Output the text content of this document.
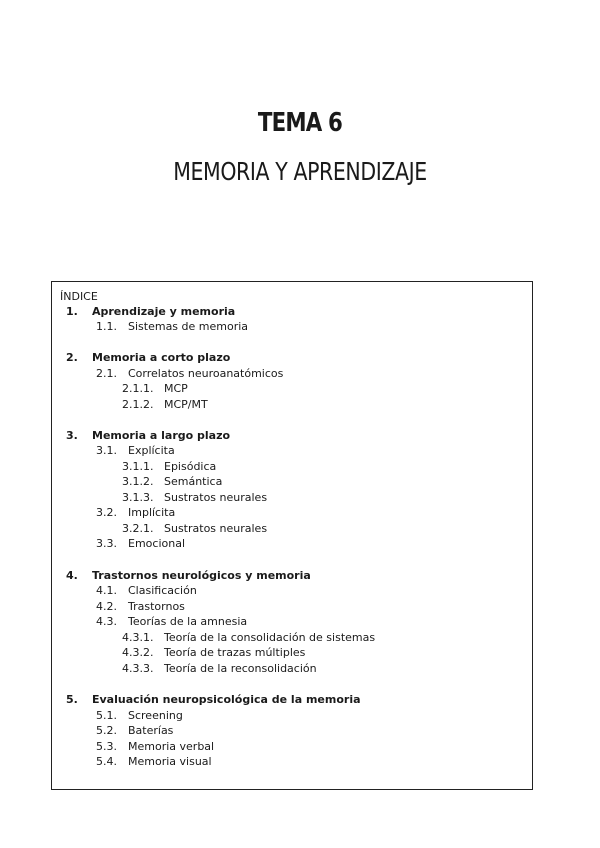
TEMA 6
MEMORIA Y APRENDIZAJE
ÍNDICE
1. Aprendizaje y memoria
1.1. Sistemas de memoria
2. Memoria a corto plazo
2.1. Correlatos neuroanatómicos
2.1.1. MCP
2.1.2. MCP/MT
3. Memoria a largo plazo
3.1. Explícita
3.1.1. Episódica
3.1.2. Semántica
3.1.3. Sustratos neurales
3.2. Implícita
3.2.1. Sustratos neurales
3.3. Emocional
4. Trastornos neurológicos y memoria
4.1. Clasificación
4.2. Trastornos
4.3. Teorías de la amnesia
4.3.1. Teoría de la consolidación de sistemas
4.3.2. Teoría de trazas múltiples
4.3.3. Teoría de la reconsolidación
5. Evaluación neuropsicológica de la memoria
5.1. Screening
5.2. Baterías
5.3. Memoria verbal
5.4. Memoria visual
